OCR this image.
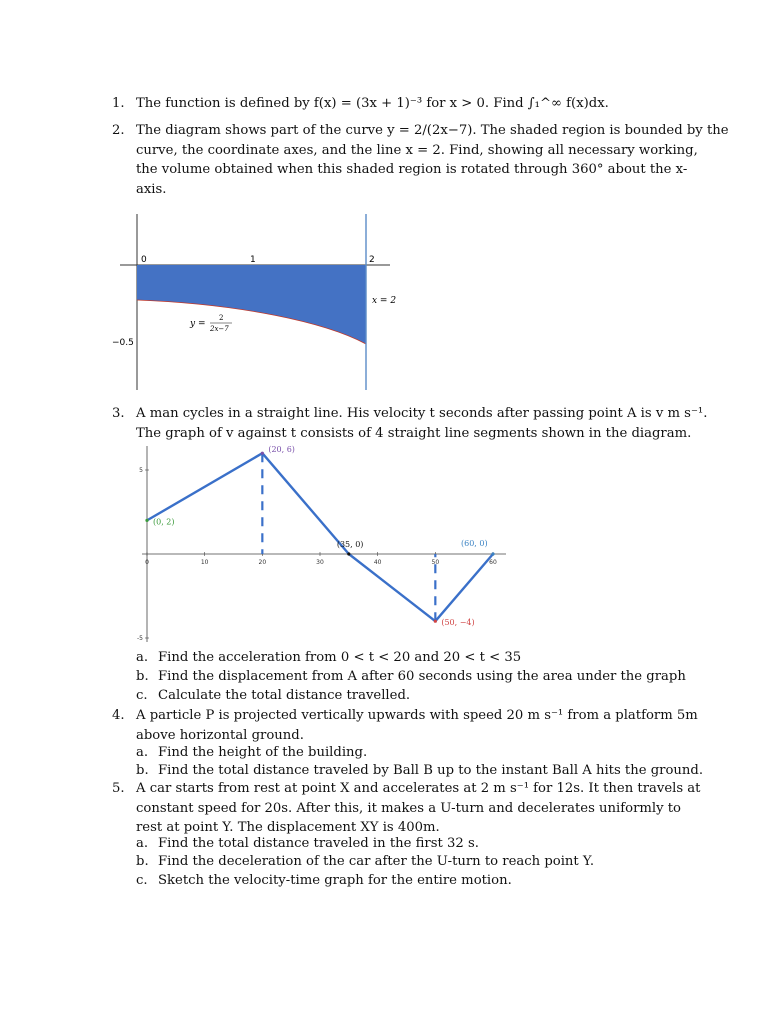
1. The function is defined by f(x) = (3x + 1)⁻³ for x > 0. Find ∫₁^∞ f(x)dx.
2. The diagram shows part of the curve y = 2/(2x−7). The shaded region is bounded by the
curve, the coordinate axes, and the line x = 2. Find, showing all necessary working,
the volume obtained when this shaded region is rotated through 360° about the x-
axis.
0	1	2
−0.5
x = 2
y =
2
2x−7
3. A man cycles in a straight line. His velocity t seconds after passing point A is v m s⁻¹.
The graph of v against t consists of 4 straight line segments shown in the diagram.
0	10	20	30	40	50	60
5
-5
(0, 2)
(20, 6)
(35, 0)
(50, −4)
(60, 0)
a. Find the acceleration from 0 < t < 20 and 20 < t < 35
b. Find the displacement from A after 60 seconds using the area under the graph
c. Calculate the total distance travelled.
4. A particle P is projected vertically upwards with speed 20 m s⁻¹ from a platform 5m
above horizontal ground.
a. Find the height of the building.
b. Find the total distance traveled by Ball B up to the instant Ball A hits the ground.
5. A car starts from rest at point X and accelerates at 2 m s⁻¹ for 12s. It then travels at
constant speed for 20s. After this, it makes a U-turn and decelerates uniformly to
rest at point Y. The displacement XY is 400m.
a. Find the total distance traveled in the first 32 s.
b. Find the deceleration of the car after the U-turn to reach point Y.
c. Sketch the velocity-time graph for the entire motion.
